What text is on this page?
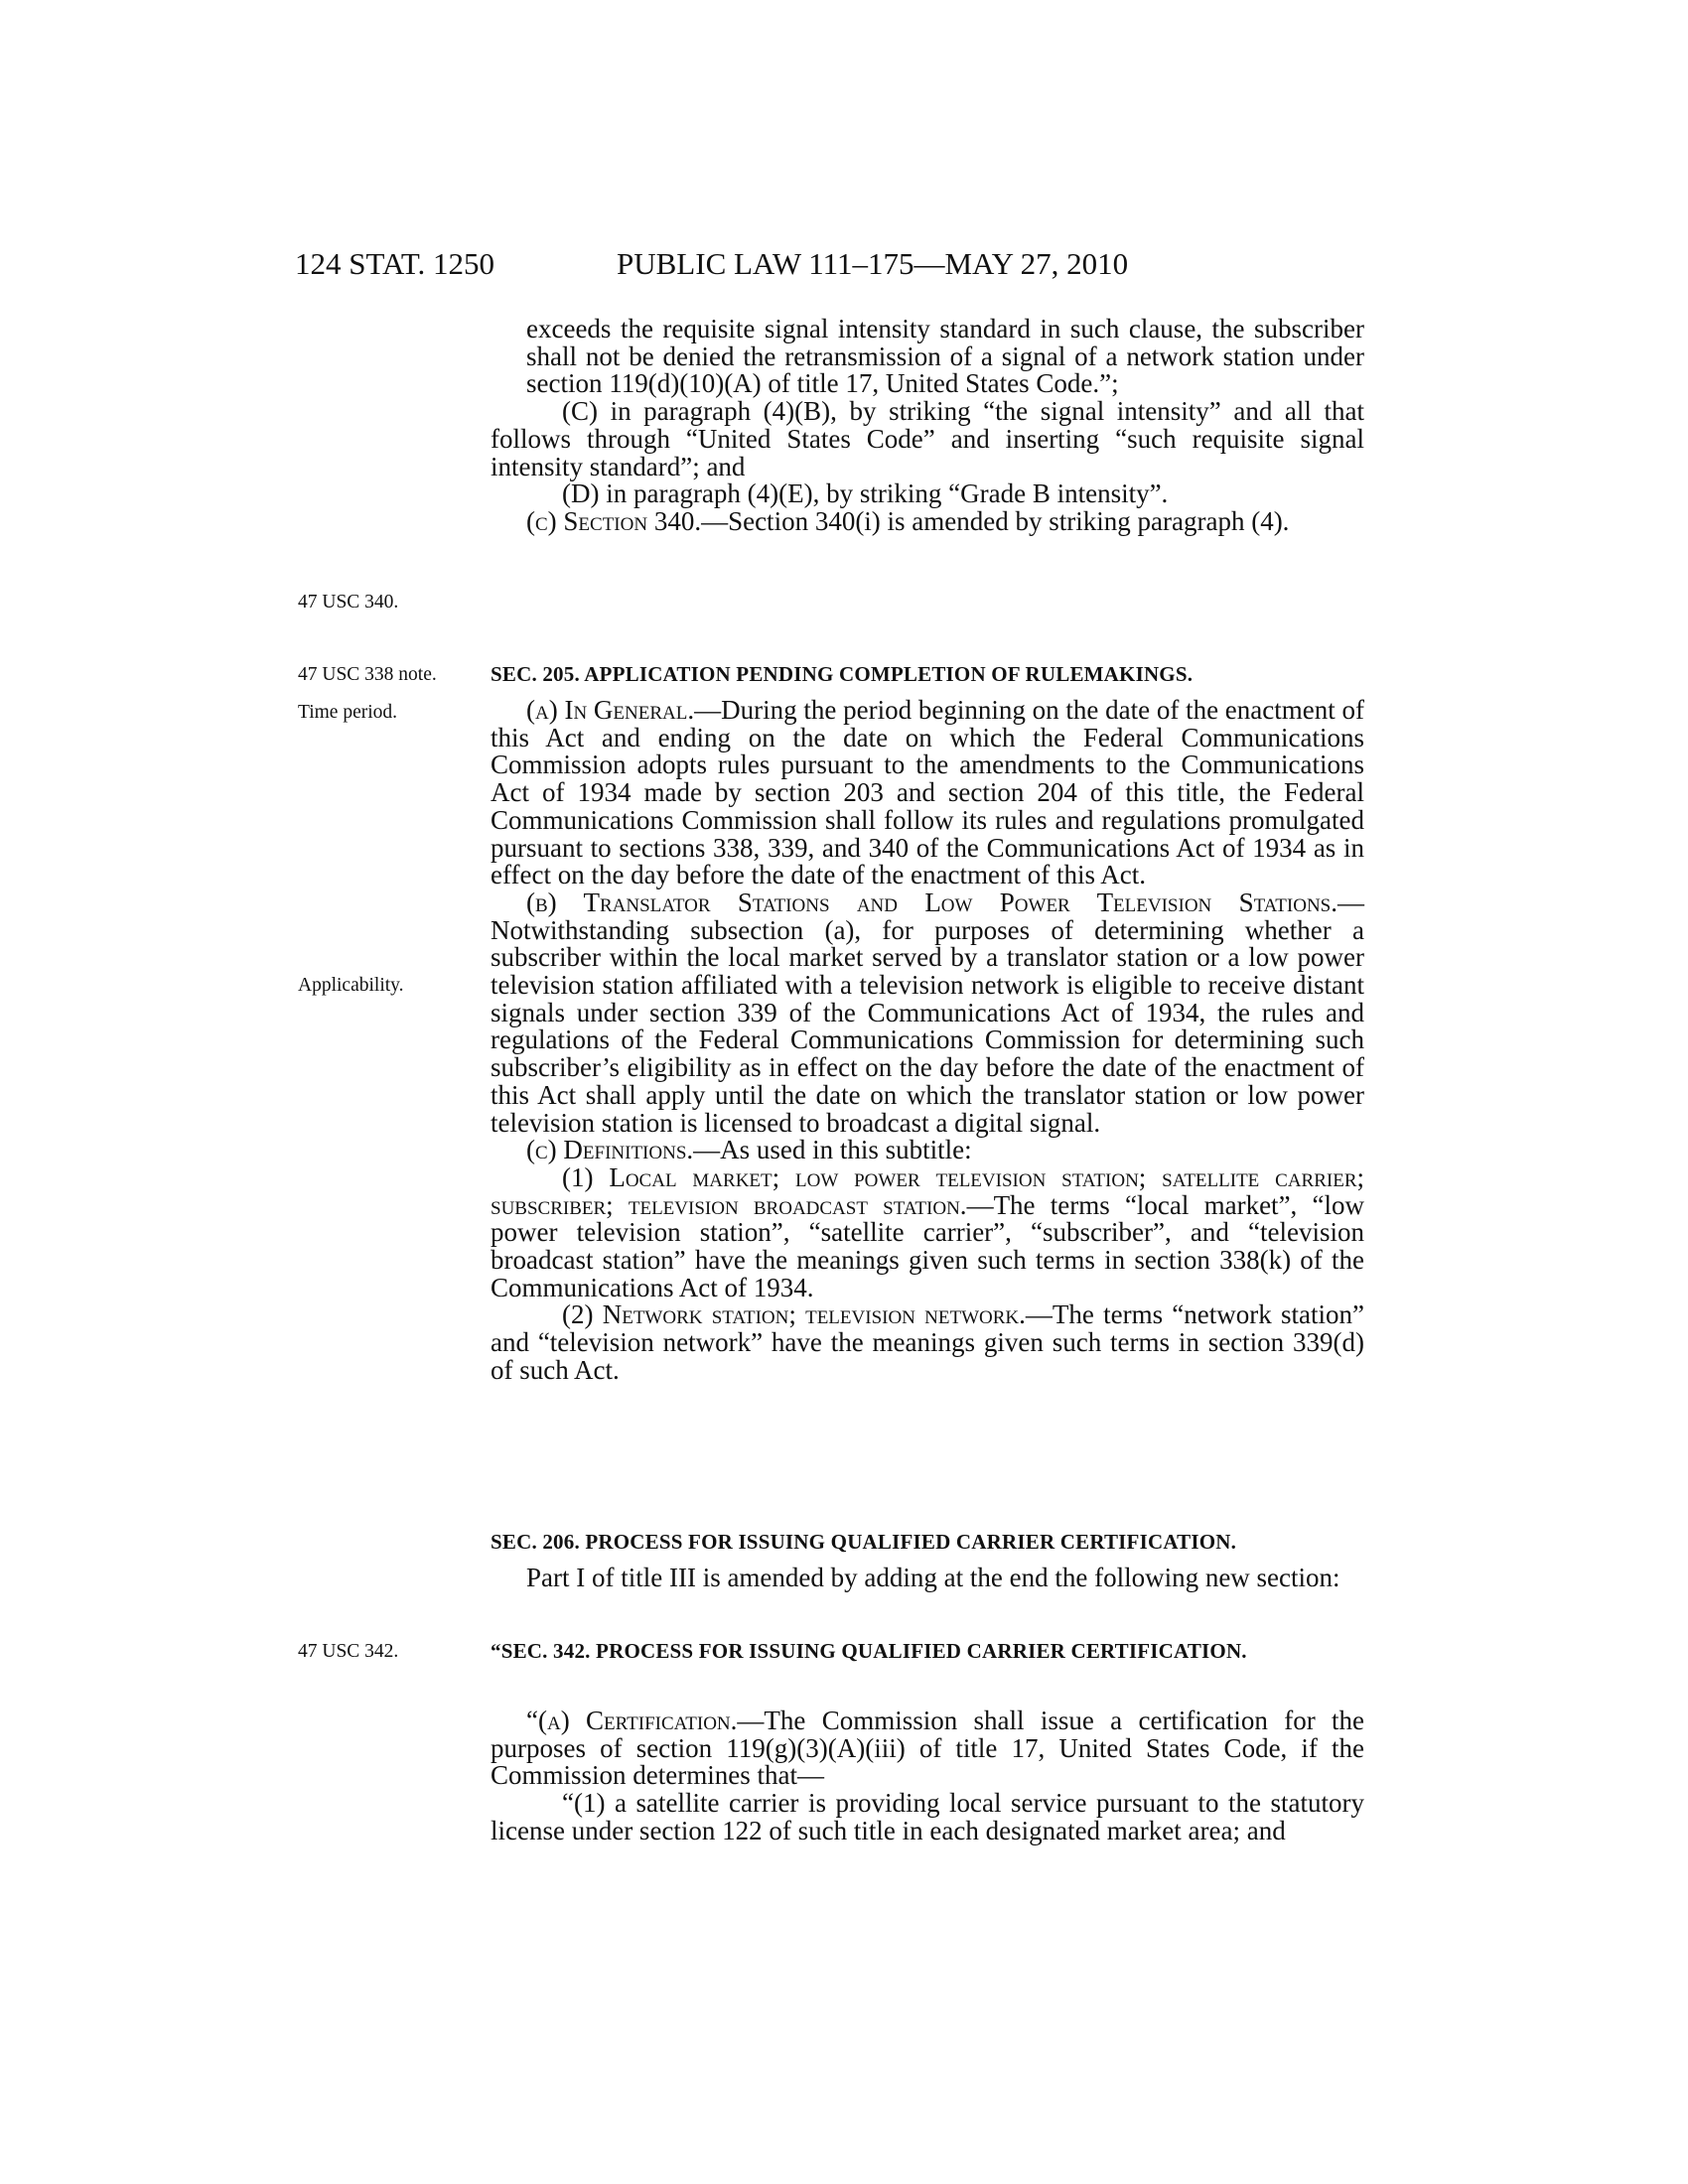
124 STAT. 1250	PUBLIC LAW 111–175—MAY 27, 2010
47 USC 340.
47 USC 338 note.
Time period.
Applicability.
47 USC 342.

exceeds the requisite signal intensity standard in such clause, the subscriber shall not be denied the retransmission of a signal of a network station under section 119(d)(10)(A) of title 17, United States Code.”;

(C) in paragraph (4)(B), by striking “the signal intensity” and all that follows through “United States Code” and inserting “such requisite signal intensity standard”; and

(D) in paragraph (4)(E), by striking “Grade B intensity”.

(c) Section 340.—Section 340(i) is amended by striking paragraph (4).

SEC. 205. APPLICATION PENDING COMPLETION OF RULEMAKINGS.

(a) In General.—During the period beginning on the date of the enactment of this Act and ending on the date on which the Federal Communications Commission adopts rules pursuant to the amendments to the Communications Act of 1934 made by section 203 and section 204 of this title, the Federal Communications Commission shall follow its rules and regulations promulgated pursuant to sections 338, 339, and 340 of the Communications Act of 1934 as in effect on the day before the date of the enactment of this Act.

(b) Translator Stations and Low Power Television Stations.—Notwithstanding subsection (a), for purposes of determining whether a subscriber within the local market served by a translator station or a low power television station affiliated with a television network is eligible to receive distant signals under section 339 of the Communications Act of 1934, the rules and regulations of the Federal Communications Commission for determining such subscriber’s eligibility as in effect on the day before the date of the enactment of this Act shall apply until the date on which the translator station or low power television station is licensed to broadcast a digital signal.

(c) Definitions.—As used in this subtitle:

(1) Local market; low power television station; satellite carrier; subscriber; television broadcast station.—The terms “local market”, “low power television station”, “satellite carrier”, “subscriber”, and “television broadcast station” have the meanings given such terms in section 338(k) of the Communications Act of 1934.

(2) Network station; television network.—The terms “network station” and “television network” have the meanings given such terms in section 339(d) of such Act.

SEC. 206. PROCESS FOR ISSUING QUALIFIED CARRIER CERTIFICATION.

Part I of title III is amended by adding at the end the following new section:

“SEC. 342. PROCESS FOR ISSUING QUALIFIED CARRIER CERTIFICATION.

“(a) Certification.—The Commission shall issue a certification for the purposes of section 119(g)(3)(A)(iii) of title 17, United States Code, if the Commission determines that—

“(1) a satellite carrier is providing local service pursuant to the statutory license under section 122 of such title in each designated market area; and
